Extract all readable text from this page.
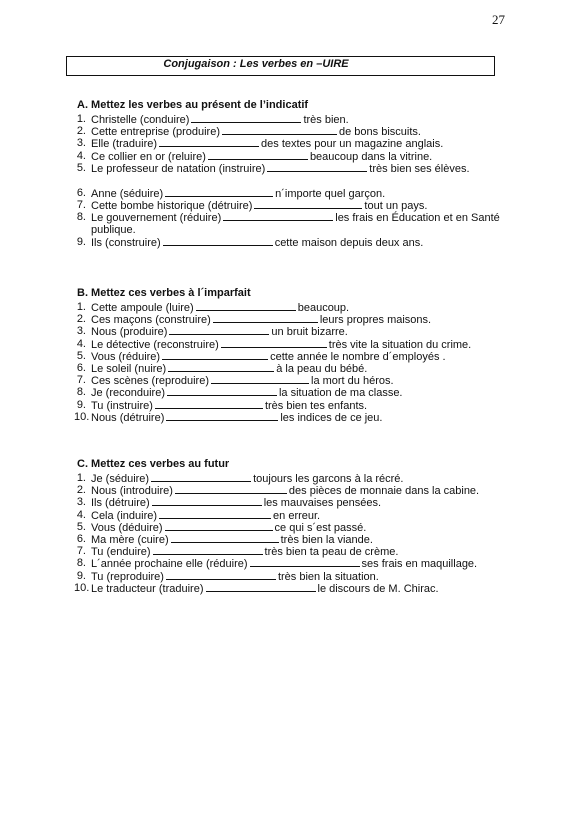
27
Conjugaison : Les verbes en –UIRE
A. Mettez les verbes au présent de l’indicatif
1. Christelle (conduire)	très bien.
2. Cette entreprise (produire)	de bons biscuits.
3. Elle (traduire)	des textes pour un magazine anglais.
4. Ce collier en or (reluire)	beaucoup dans la vitrine.
5. Le professeur de natation (instruire)	très bien ses élèves.
6. Anne (séduire)	n´importe quel garçon.
7. Cette bombe historique (détruire)	tout un pays.
8. Le gouvernement (réduire)	les frais en Éducation et en Santé publique.
9. Ils (construire)	cette maison depuis deux ans.
B. Mettez ces verbes à l´imparfait
1. Cette ampoule (luire)	beaucoup.
2. Ces maçons (construire)	leurs propres maisons.
3. Nous (produire)	un bruit bizarre.
4. Le détective (reconstruire)	très vite la situation du crime.
5. Vous (réduire)	cette année le nombre d´employés .
6. Le soleil (nuire)	à la peau du bébé.
7. Ces scènes (reproduire)	la mort du héros.
8. Je (reconduire)	la situation de ma classe.
9. Tu (instruire)	très bien tes enfants.
10. Nous (détruire)	les indices de ce jeu.
C. Mettez ces verbes au futur
1. Je (séduire)	toujours les garcons à la récré.
2. Nous (introduire)	des pièces de monnaie dans la cabine.
3. Ils (détruire)	les mauvaises pensées.
4. Cela (induire)	en erreur.
5. Vous (déduire)	ce qui s´est passé.
6. Ma mère (cuire)	très bien la viande.
7. Tu (enduire)	très bien ta peau de crème.
8. L´année prochaine elle (réduire)	ses frais en maquillage.
9. Tu (reproduire)	très bien la situation.
10. Le traducteur (traduire)	le discours de M. Chirac.
